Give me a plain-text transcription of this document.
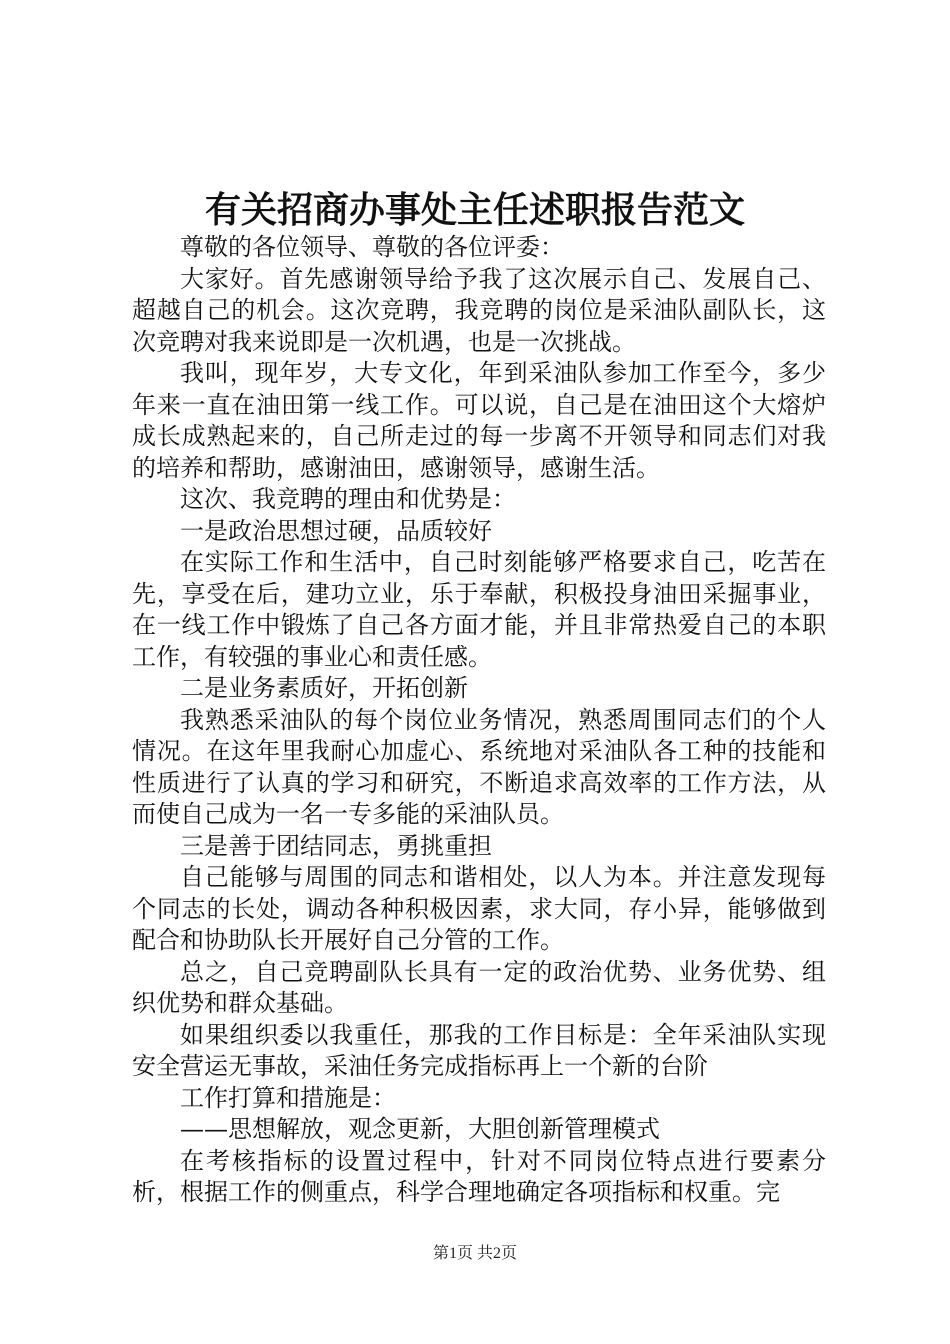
有关招商办事处主任述职报告范文

尊敬的各位领导、尊敬的各位评委：

大家好。首先感谢领导给予我了这次展示自己、发展自己、超越自己的机会。这次竞聘，我竞聘的岗位是采油队副队长，这次竞聘对我来说即是一次机遇，也是一次挑战。

我叫，现年岁，大专文化，年到采油队参加工作至今，多少年来一直在油田第一线工作。可以说，自己是在油田这个大熔炉成长成熟起来的，自己所走过的每一步离不开领导和同志们对我的培养和帮助，感谢油田，感谢领导，感谢生活。

这次、我竞聘的理由和优势是：

一是政治思想过硬，品质较好

在实际工作和生活中，自己时刻能够严格要求自己，吃苦在先，享受在后，建功立业，乐于奉献，积极投身油田采掘事业，在一线工作中锻炼了自己各方面才能，并且非常热爱自己的本职工作，有较强的事业心和责任感。

二是业务素质好，开拓创新

我熟悉采油队的每个岗位业务情况，熟悉周围同志们的个人情况。在这年里我耐心加虚心、系统地对采油队各工种的技能和性质进行了认真的学习和研究，不断追求高效率的工作方法，从而使自己成为一名一专多能的采油队员。

三是善于团结同志，勇挑重担

自己能够与周围的同志和谐相处，以人为本。并注意发现每个同志的长处，调动各种积极因素，求大同，存小异，能够做到配合和协助队长开展好自己分管的工作。

总之，自己竞聘副队长具有一定的政治优势、业务优势、组织优势和群众基础。

如果组织委以我重任，那我的工作目标是：全年采油队实现安全营运无事故，采油任务完成指标再上一个新的台阶

工作打算和措施是：

——思想解放，观念更新，大胆创新管理模式

在考核指标的设置过程中，针对不同岗位特点进行要素分析，根据工作的侧重点，科学合理地确定各项指标和权重。完

第1页 共2页
